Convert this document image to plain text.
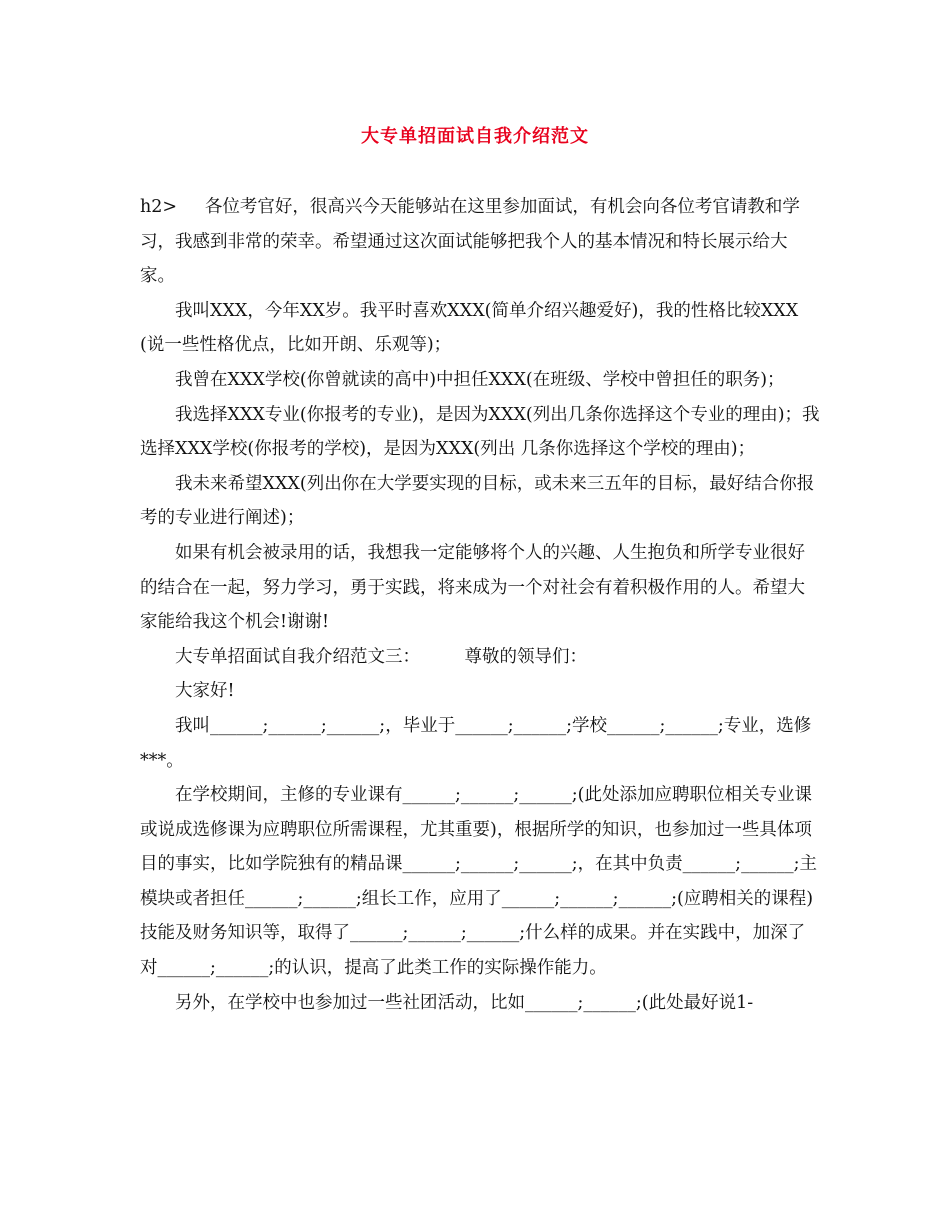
大专单招面试自我介绍范文

h2>     各位考官好，很高兴今天能够站在这里参加面试，有机会向各位考官请教和学习，我感到非常的荣幸。希望通过这次面试能够把我个人的基本情况和特长展示给大家。

我叫XXX，今年XX岁。我平时喜欢XXX(简单介绍兴趣爱好)，我的性格比较XXX(说一些性格优点，比如开朗、乐观等)；

我曾在XXX学校(你曾就读的高中)中担任XXX(在班级、学校中曾担任的职务)；

我选择XXX专业(你报考的专业)，是因为XXX(列出几条你选择这个专业的理由)；我选择XXX学校(你报考的学校)，是因为XXX(列出 几条你选择这个学校的理由)；

我未来希望XXX(列出你在大学要实现的目标，或未来三五年的目标，最好结合你报考的专业进行阐述)；

如果有机会被录用的话，我想我一定能够将个人的兴趣、人生抱负和所学专业很好的结合在一起，努力学习，勇于实践，将来成为一个对社会有着积极作用的人。希望大家能给我这个机会!谢谢!

大专单招面试自我介绍范文三：        尊敬的领导们：

大家好!

我叫______;______;______;，毕业于______;______;学校______;______;专业，选修***。

在学校期间，主修的专业课有______;______;______;(此处添加应聘职位相关专业课或说成选修课为应聘职位所需课程，尤其重要)，根据所学的知识，也参加过一些具体项目的事实，比如学院独有的精品课______;______;______;，在其中负责______;______;主模块或者担任______;______;组长工作，应用了______;______;______;(应聘相关的课程)技能及财务知识等，取得了______;______;______;什么样的成果。并在实践中，加深了对______;______;的认识，提高了此类工作的实际操作能力。

另外，在学校中也参加过一些社团活动，比如______;______;(此处最好说1-
